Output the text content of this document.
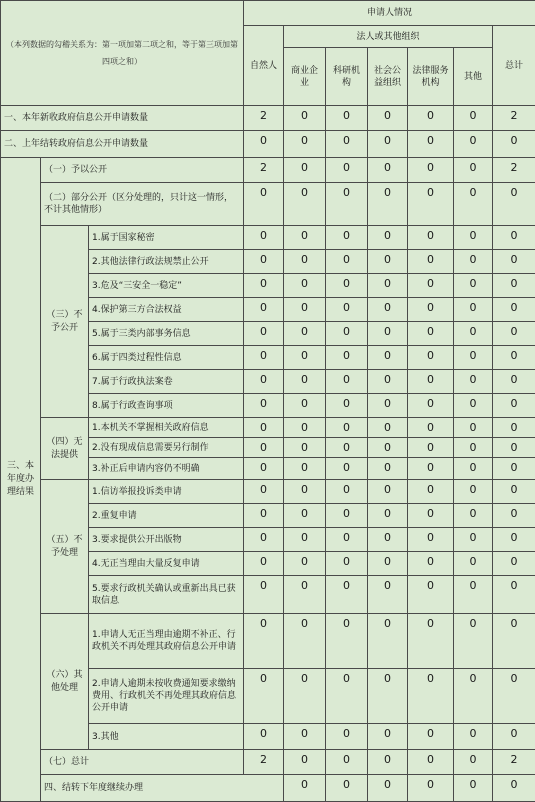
（本列数据的勾稽关系为：第一项加第二项之和，等于第三项加第四项之和）			申请人情况							
			自然人	法人或其他组织					总计	
				商业企业	科研机构	社会公益组织	法律服务机构	其他		
一、本年新收政府信息公开申请数量			2	0	0	0	0	0	2	
二、上年结转政府信息公开申请数量			0	0	0	0	0	0	0	
三、本年度办理结果	（一）予以公开		2	0	0	0	0	0	2	
	（二）部分公开（区分处理的，只计这一情形，不计其他情形）		0	0	0	0	0	0	0	
	（三）不予公开	1.属于国家秘密	0	0	0	0	0	0	0	
		2.其他法律行政法规禁止公开	0	0	0	0	0	0	0	
		3.危及“三安全一稳定”	0	0	0	0	0	0	0	
		4.保护第三方合法权益	0	0	0	0	0	0	0	
		5.属于三类内部事务信息	0	0	0	0	0	0	0	
		6.属于四类过程性信息	0	0	0	0	0	0	0	
		7.属于行政执法案卷	0	0	0	0	0	0	0	
		8.属于行政查询事项	0	0	0	0	0	0	0	
	（四）无法提供	1.本机关不掌握相关政府信息	0	0	0	0	0	0	0	
		2.没有现成信息需要另行制作	0	0	0	0	0	0	0	
		3.补正后申请内容仍不明确	0	0	0	0	0	0	0	
	（五）不予处理	1.信访举报投诉类申请	0	0	0	0	0	0	0	
		2.重复申请	0	0	0	0	0	0	0	
		3.要求提供公开出版物	0	0	0	0	0	0	0	
		4.无正当理由大量反复申请	0	0	0	0	0	0	0	
		5.要求行政机关确认或重新出具已获取信息	0	0	0	0	0	0	0	
	（六）其他处理	1.申请人无正当理由逾期不补正、行政机关不再处理其政府信息公开申请	0	0	0	0	0	0	0	
		2.申请人逾期未按收费通知要求缴纳费用、行政机关不再处理其政府信息公开申请	0	0	0	0	0	0	0	
		3.其他	0	0	0	0	0	0	0	
	（七）总计		2	0	0	0	0	0	2	
	四、结转下年度继续办理			0	0	0	0	0	0	
